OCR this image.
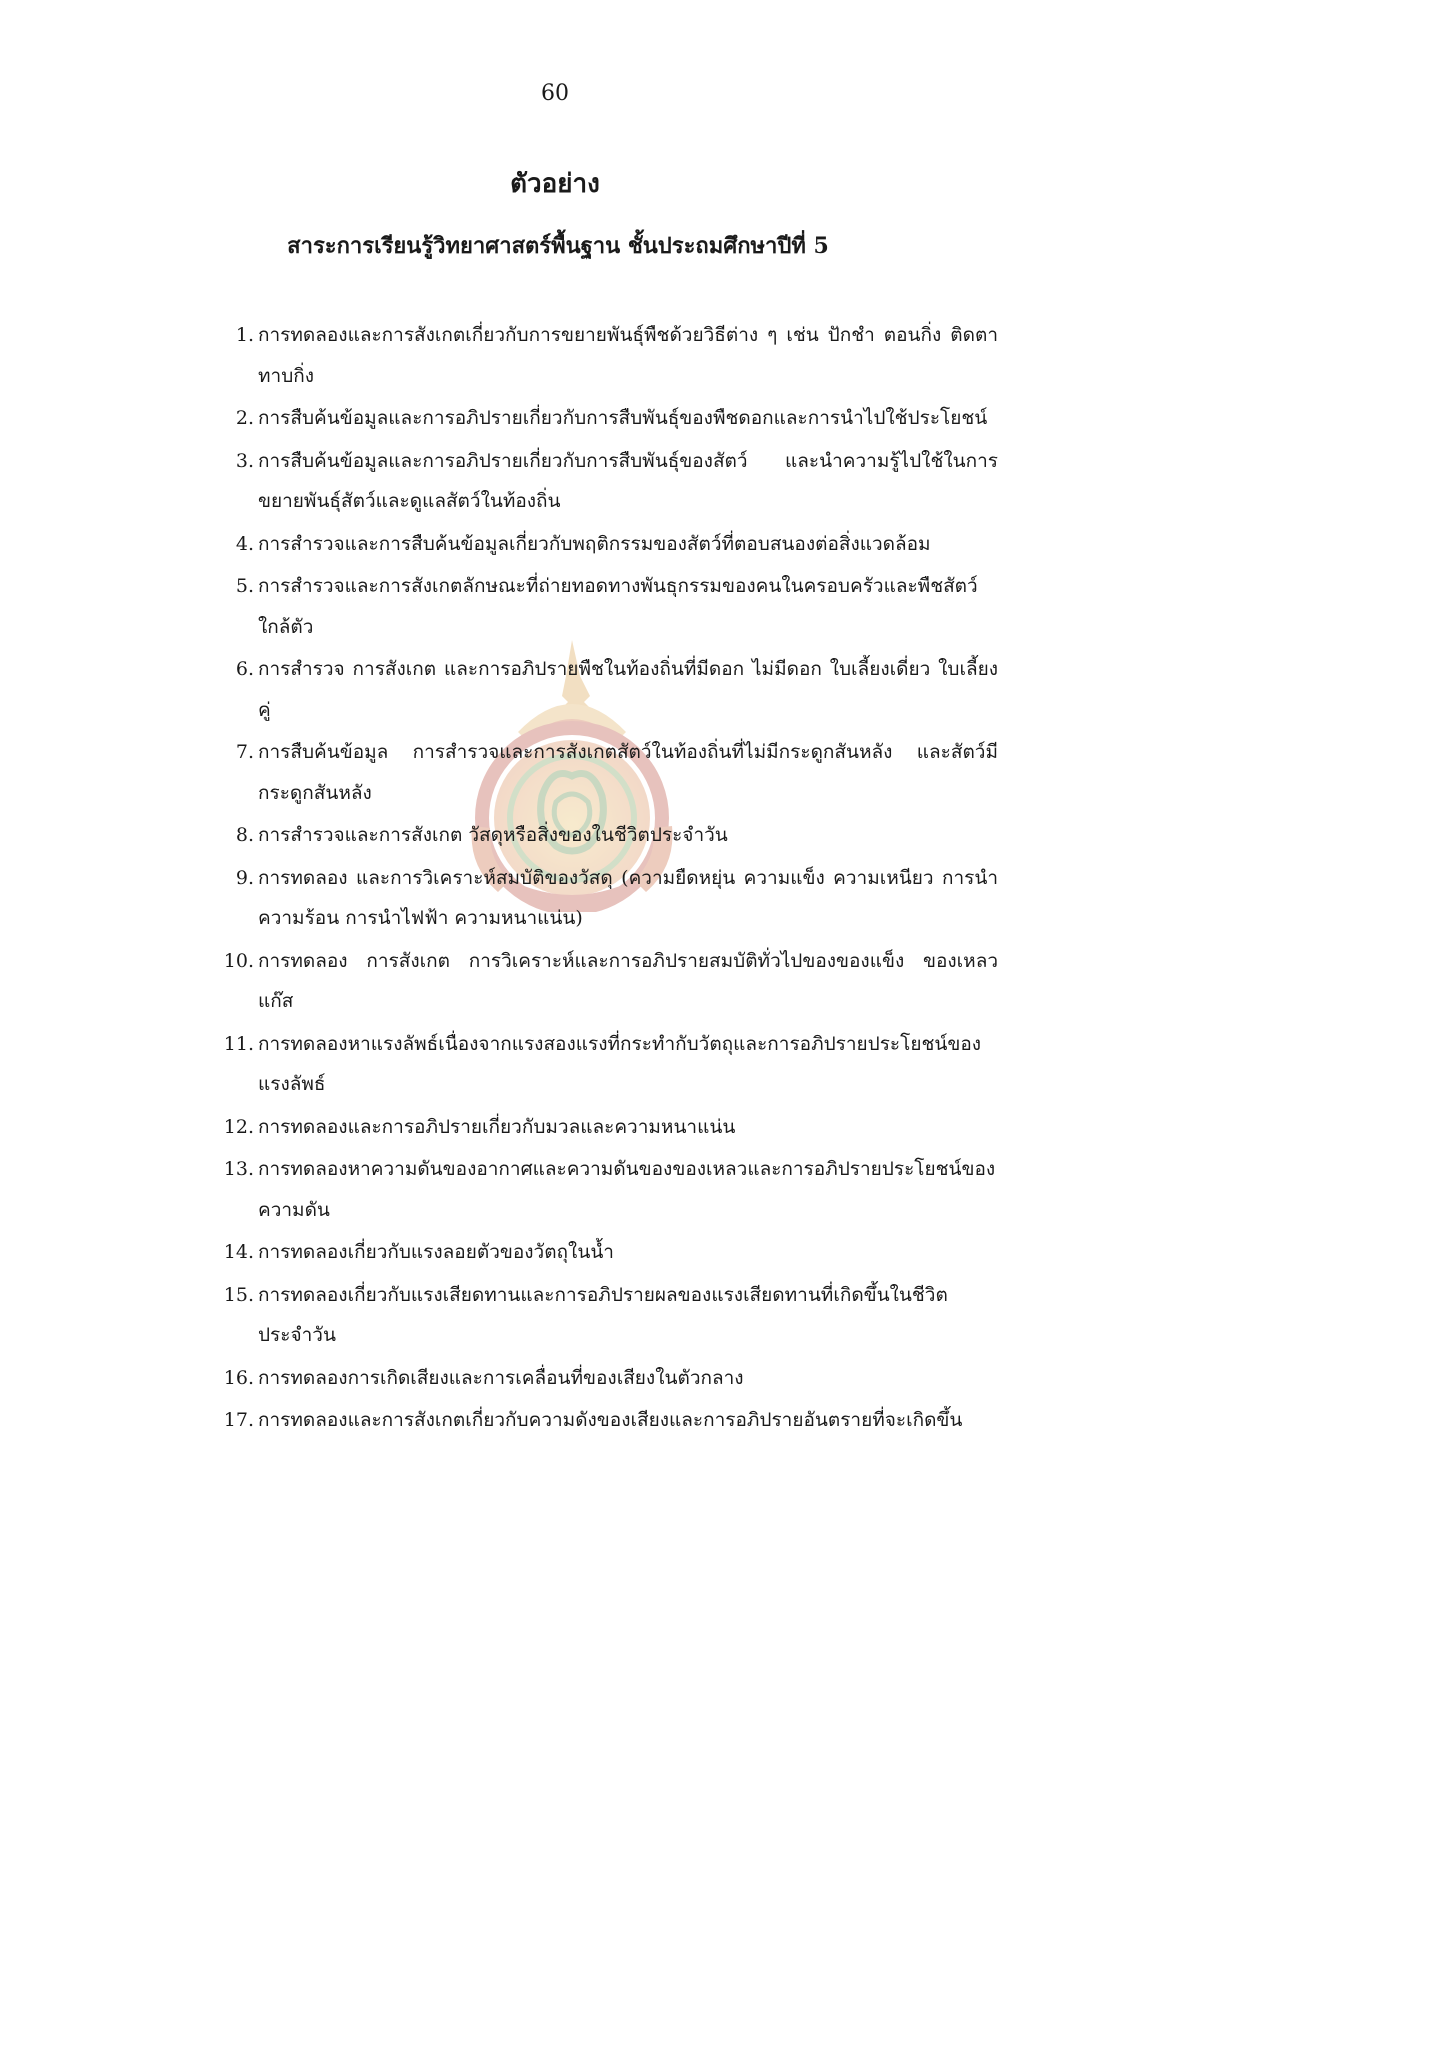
60
ตัวอย่าง
สาระการเรียนรู้วิทยาศาสตร์พื้นฐาน ชั้นประถมศึกษาปีที่ 5
1. การทดลองและการสังเกตเกี่ยวกับการขยายพันธุ์พืชด้วยวิธีต่าง ๆ เช่น ปักชำ ตอนกิ่ง ติดตา ทาบกิ่ง
2. การสืบค้นข้อมูลและการอภิปรายเกี่ยวกับการสืบพันธุ์ของพืชดอกและการนำไปใช้ประโยชน์
3. การสืบค้นข้อมูลและการอภิปรายเกี่ยวกับการสืบพันธุ์ของสัตว์ และนำความรู้ไปใช้ในการขยายพันธุ์สัตว์และดูแลสัตว์ในท้องถิ่น
4. การสำรวจและการสืบค้นข้อมูลเกี่ยวกับพฤติกรรมของสัตว์ที่ตอบสนองต่อสิ่งแวดล้อม
5. การสำรวจและการสังเกตลักษณะที่ถ่ายทอดทางพันธุกรรมของคนในครอบครัวและพืชสัตว์ใกล้ตัว
6. การสำรวจ การสังเกต และการอภิปรายพืชในท้องถิ่นที่มีดอก ไม่มีดอก ใบเลี้ยงเดี่ยว ใบเลี้ยงคู่
7. การสืบค้นข้อมูล การสำรวจและการสังเกตสัตว์ในท้องถิ่นที่ไม่มีกระดูกสันหลัง และสัตว์มีกระดูกสันหลัง
8. การสำรวจและการสังเกต วัสดุหรือสิ่งของในชีวิตประจำวัน
9. การทดลอง และการวิเคราะห์สมบัติของวัสดุ (ความยืดหยุ่น ความแข็ง ความเหนียว การนำความร้อน การนำไฟฟ้า ความหนาแน่น)
10. การทดลอง การสังเกต การวิเคราะห์และการอภิปรายสมบัติทั่วไปของของแข็ง ของเหลว แก๊ส
11. การทดลองหาแรงลัพธ์เนื่องจากแรงสองแรงที่กระทำกับวัตถุและการอภิปรายประโยชน์ของแรงลัพธ์
12. การทดลองและการอภิปรายเกี่ยวกับมวลและความหนาแน่น
13. การทดลองหาความดันของอากาศและความดันของของเหลวและการอภิปรายประโยชน์ของความดัน
14. การทดลองเกี่ยวกับแรงลอยตัวของวัตถุในน้ำ
15. การทดลองเกี่ยวกับแรงเสียดทานและการอภิปรายผลของแรงเสียดทานที่เกิดขึ้นในชีวิตประจำวัน
16. การทดลองการเกิดเสียงและการเคลื่อนที่ของเสียงในตัวกลาง
17. การทดลองและการสังเกตเกี่ยวกับความดังของเสียงและการอภิปรายอันตรายที่จะเกิดขึ้น
